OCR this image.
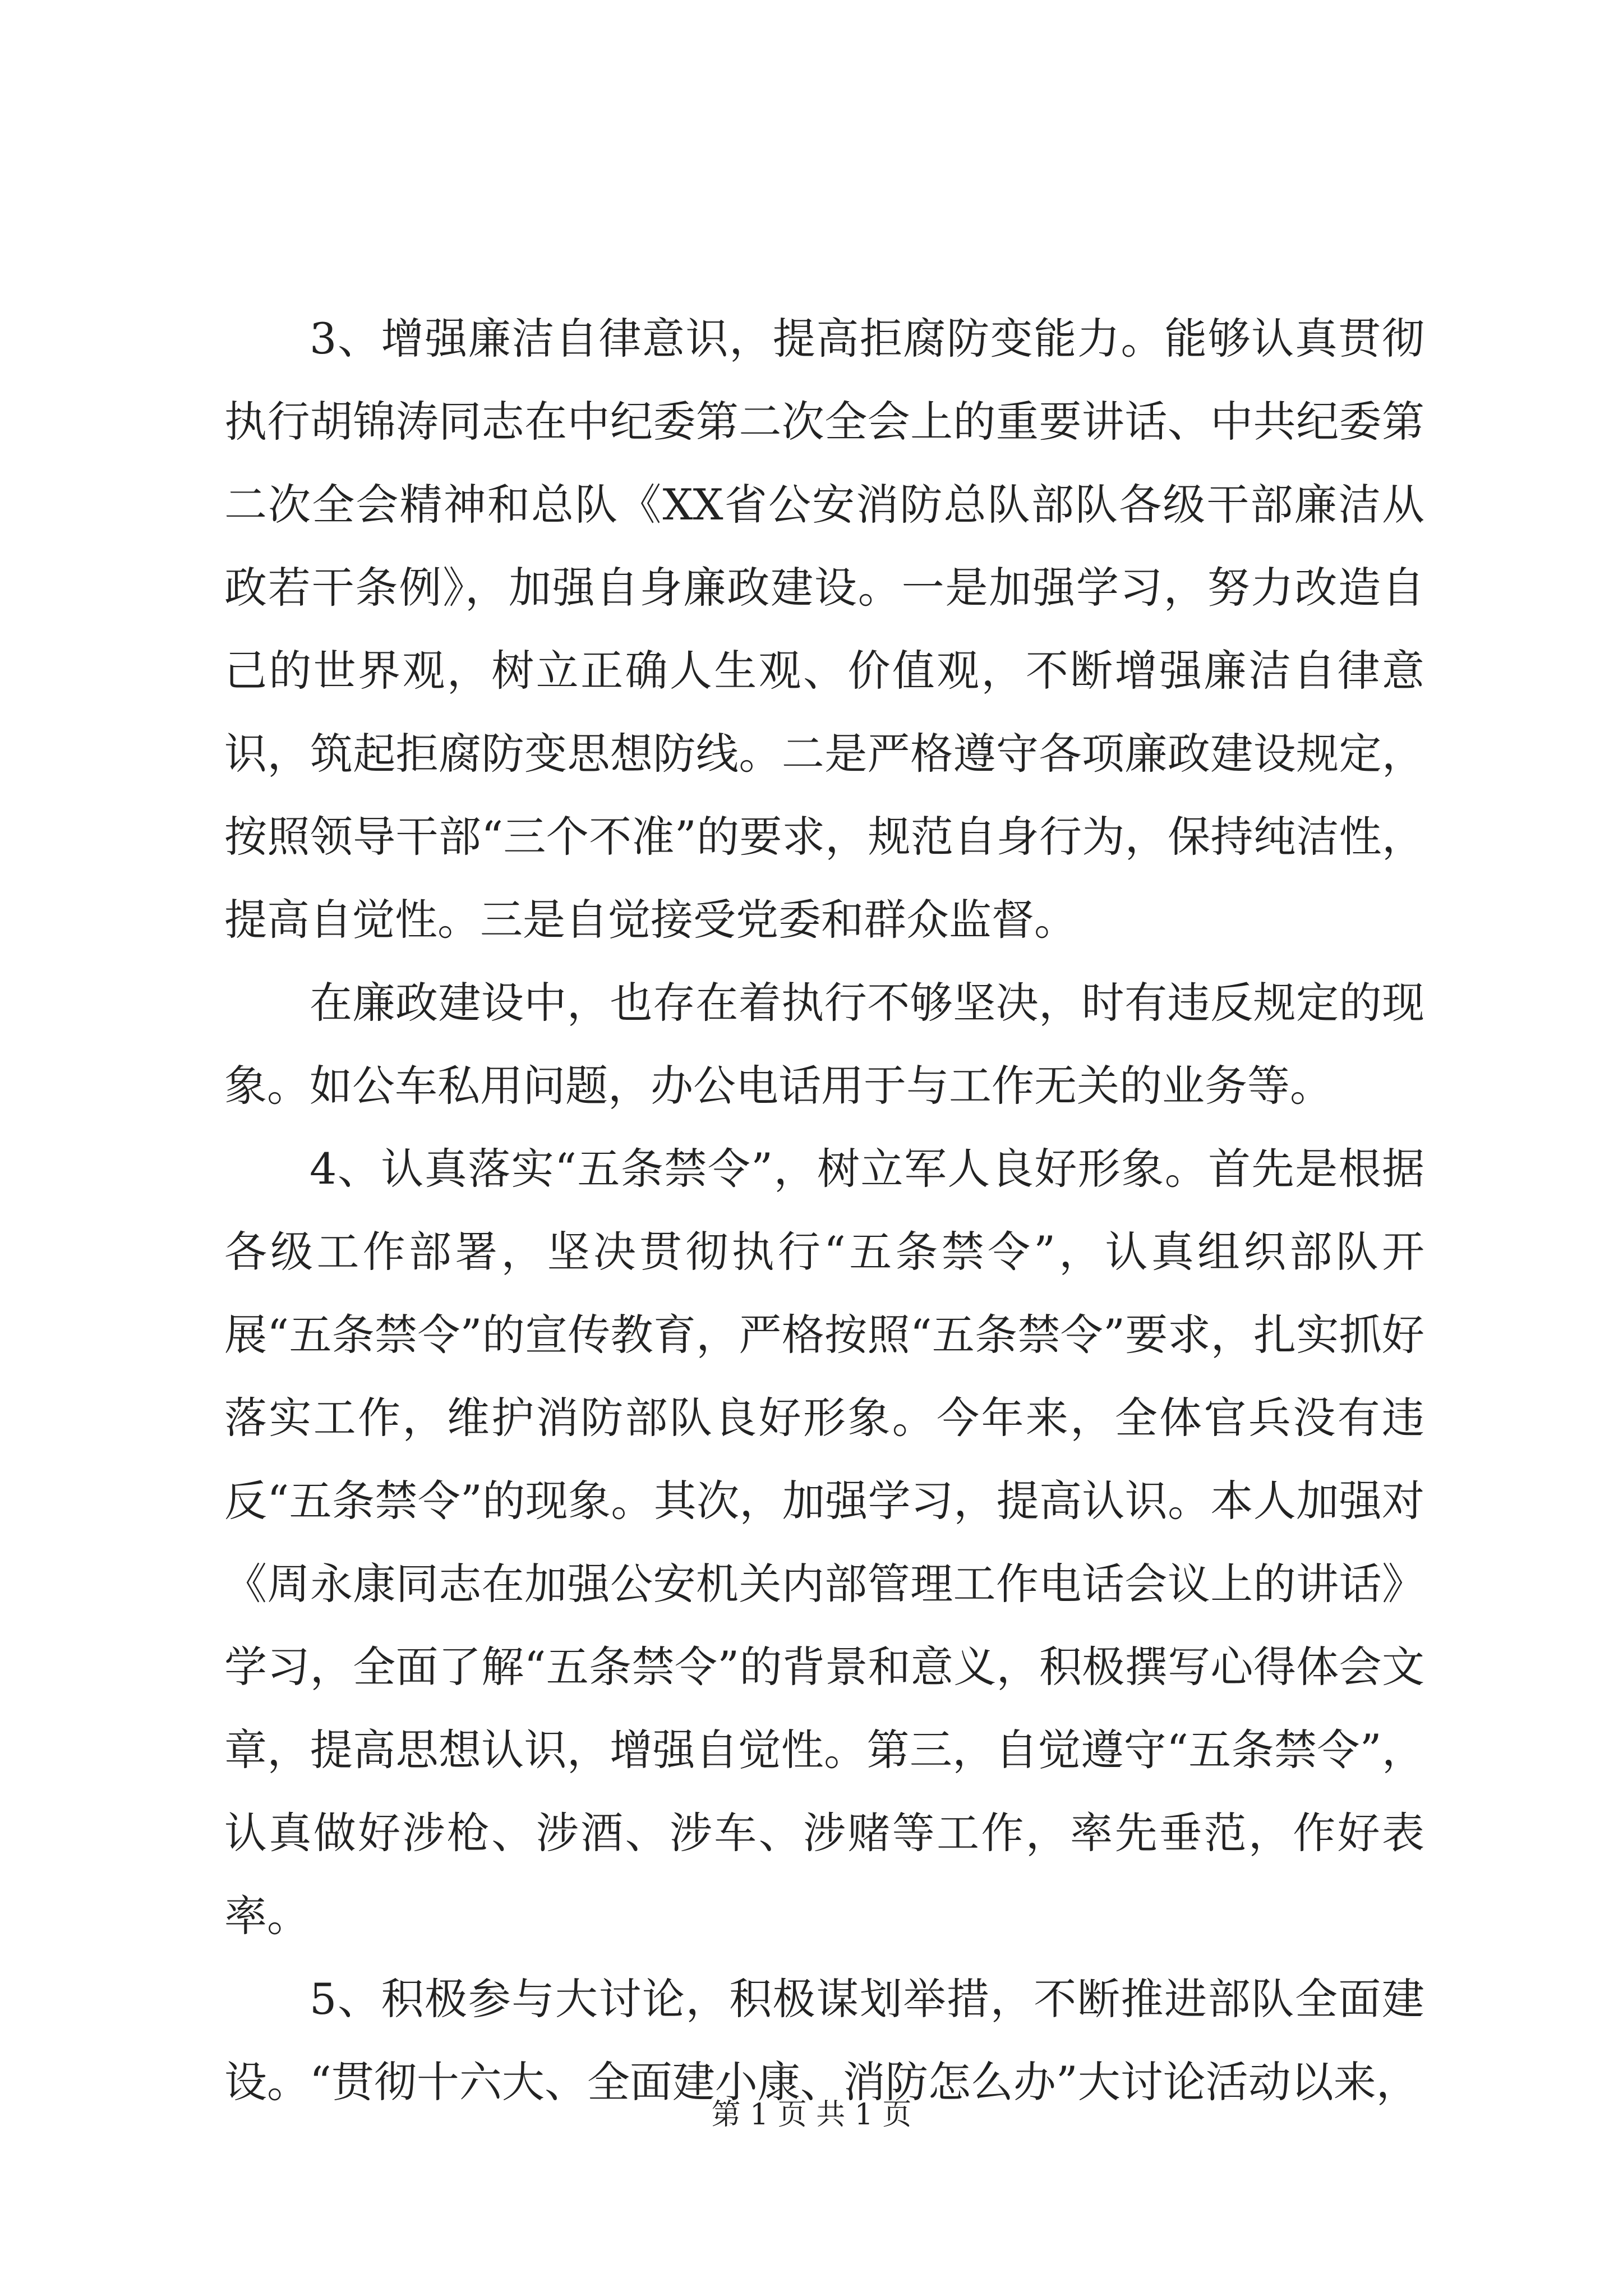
3、增强廉洁自律意识，提高拒腐防变能力。能够认真贯彻执行胡锦涛同志在中纪委第二次全会上的重要讲话、中共纪委第二次全会精神和总队《XX省公安消防总队部队各级干部廉洁从政若干条例》，加强自身廉政建设。一是加强学习，努力改造自己的世界观，树立正确人生观、价值观，不断增强廉洁自律意识，筑起拒腐防变思想防线。二是严格遵守各项廉政建设规定，按照领导干部“三个不准”的要求，规范自身行为，保持纯洁性，提高自觉性。三是自觉接受党委和群众监督。

在廉政建设中，也存在着执行不够坚决，时有违反规定的现象。如公车私用问题，办公电话用于与工作无关的业务等。

4、认真落实“五条禁令”，树立军人良好形象。首先是根据各级工作部署，坚决贯彻执行“五条禁令”，认真组织部队开展“五条禁令”的宣传教育，严格按照“五条禁令”要求，扎实抓好落实工作，维护消防部队良好形象。今年来，全体官兵没有违反“五条禁令”的现象。其次，加强学习，提高认识。本人加强对《周永康同志在加强公安机关内部管理工作电话会议上的讲话》学习，全面了解“五条禁令”的背景和意义，积极撰写心得体会文章，提高思想认识，增强自觉性。第三，自觉遵守“五条禁令”，认真做好涉枪、涉酒、涉车、涉赌等工作，率先垂范，作好表率。

5、积极参与大讨论，积极谋划举措，不断推进部队全面建设。“贯彻十六大、全面建小康、消防怎么办”大讨论活动以来，

第 1 页 共 1 页
